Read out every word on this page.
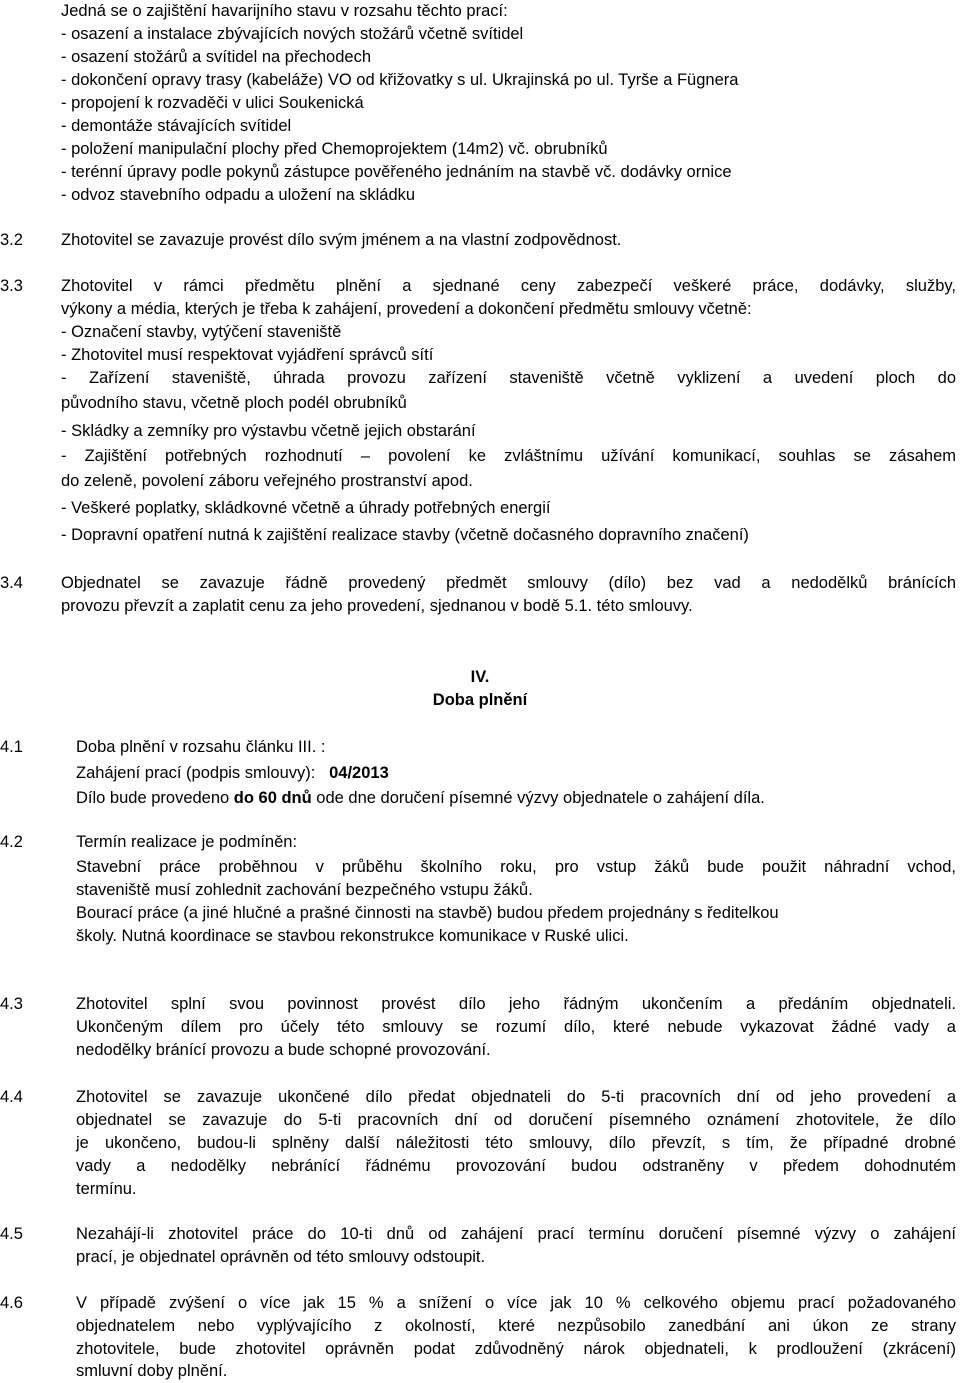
Jedná se o zajištění havarijního stavu v rozsahu těchto prací:
- osazení a instalace zbývajících nových stožárů včetně svítidel
- osazení stožárů a svítidel na přechodech
- dokončení opravy trasy (kabeláže) VO od křižovatky s ul. Ukrajinská po ul. Tyrše a Fügnera
- propojení k rozvaděči v ulici Soukenická
- demontáže stávajících svítidel
- položení manipulační plochy před Chemoprojektem (14m2) vč. obrubníků
- terénní úpravy podle pokynů zástupce pověřeného jednáním na stavbě vč. dodávky ornice
- odvoz stavebního odpadu a uložení na skládku
3.2 Zhotovitel se zavazuje provést dílo svým jménem a na vlastní zodpovědnost.
3.3 Zhotovitel v rámci předmětu plnění a sjednané ceny zabezpečí veškeré práce, dodávky, služby,
výkony a média, kterých je třeba k zahájení, provedení a dokončení předmětu smlouvy včetně:
- Označení stavby, vytýčení staveniště
- Zhotovitel musí respektovat vyjádření správců sítí
- Zařízení staveniště, úhrada provozu zařízení staveniště včetně vyklizení a uvedení ploch do
původního stavu, včetně ploch podél obrubníků
- Skládky a zemníky pro výstavbu včetně jejich obstarání
- Zajištění potřebných rozhodnutí – povolení ke zvláštnímu užívání komunikací, souhlas se zásahem
do zeleně, povolení záboru veřejného prostranství apod.
- Veškeré poplatky, skládkovné včetně a úhrady potřebných energií
- Dopravní opatření nutná k zajištění realizace stavby (včetně dočasného dopravního značení)
3.4 Objednatel se zavazuje řádně provedený předmět smlouvy (dílo) bez vad a nedodělků bránících
provozu převzít a zaplatit cenu za jeho provedení, sjednanou v bodě 5.1. této smlouvy.
IV.
Doba plnění
4.1	Doba plnění v rozsahu článku III. :
Zahájení prací (podpis smlouvy): 04/2013
Dílo bude provedeno do 60 dnů ode dne doručení písemné výzvy objednatele o zahájení díla.
4.2	Termín realizace je podmíněn:
Stavební práce proběhnou v průběhu školního roku, pro vstup žáků bude použit náhradní vchod,
staveniště musí zohlednit zachování bezpečného vstupu žáků.
Bourací práce (a jiné hlučné a prašné činnosti na stavbě) budou předem projednány s ředitelkou
školy. Nutná koordinace se stavbou rekonstrukce komunikace v Ruské ulici.
4.3	Zhotovitel splní svou povinnost provést dílo jeho řádným ukončením a předáním objednateli.
Ukončeným dílem pro účely této smlouvy se rozumí dílo, které nebude vykazovat žádné vady a
nedodělky bránící provozu a bude schopné provozování.
4.4	Zhotovitel se zavazuje ukončené dílo předat objednateli do 5-ti pracovních dní od jeho provedení a
objednatel se zavazuje do 5-ti pracovních dní od doručení písemného oznámení zhotovitele, že dílo
je ukončeno, budou-li splněny další náležitosti této smlouvy, dílo převzít, s tím, že případné drobné
vady a nedodělky nebránící řádnému provozování budou odstraněny v předem dohodnutém
termínu.
4.5	Nezahájí-li zhotovitel práce do 10-ti dnů od zahájení prací termínu doručení písemné výzvy o zahájení
prací, je objednatel oprávněn od této smlouvy odstoupit.
4.6	V případě zvýšení o více jak 15 % a snížení o více jak 10 % celkového objemu prací požadovaného
objednatelem nebo vyplývajícího z okolností, které nezpůsobilo zanedbání ani úkon ze strany
zhotovitele, bude zhotovitel oprávněn podat zdůvodněný nárok objednateli, k prodloužení (zkrácení)
smluvní doby plnění.
